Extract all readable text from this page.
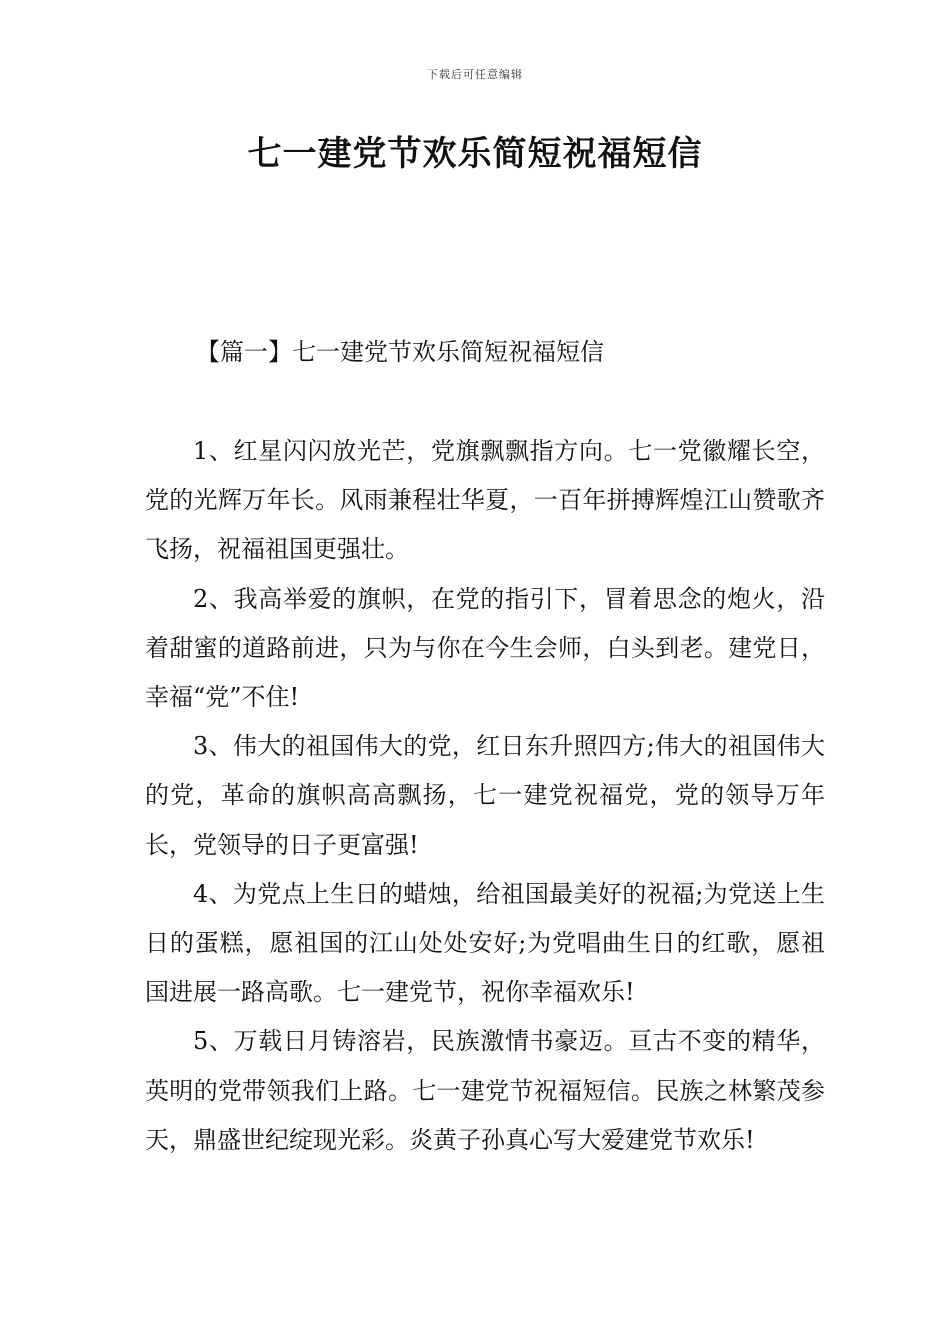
下载后可任意编辑
七一建党节欢乐简短祝福短信
【篇一】七一建党节欢乐简短祝福短信

1、红星闪闪放光芒，党旗飘飘指方向。七一党徽耀长空，党的光辉万年长。风雨兼程壮华夏，一百年拼搏辉煌江山赞歌齐飞扬，祝福祖国更强壮。

2、我高举爱的旗帜，在党的指引下，冒着思念的炮火，沿着甜蜜的道路前进，只为与你在今生会师，白头到老。建党日，幸福“党”不住!

3、伟大的祖国伟大的党，红日东升照四方;伟大的祖国伟大的党，革命的旗帜高高飘扬，七一建党祝福党，党的领导万年长，党领导的日子更富强!

4、为党点上生日的蜡烛，给祖国最美好的祝福;为党送上生日的蛋糕，愿祖国的江山处处安好;为党唱曲生日的红歌，愿祖国进展一路高歌。七一建党节，祝你幸福欢乐!

5、万载日月铸溶岩，民族激情书豪迈。亘古不变的精华，英明的党带领我们上路。七一建党节祝福短信。民族之林繁茂参天，鼎盛世纪绽现光彩。炎黄子孙真心写大爱建党节欢乐!
